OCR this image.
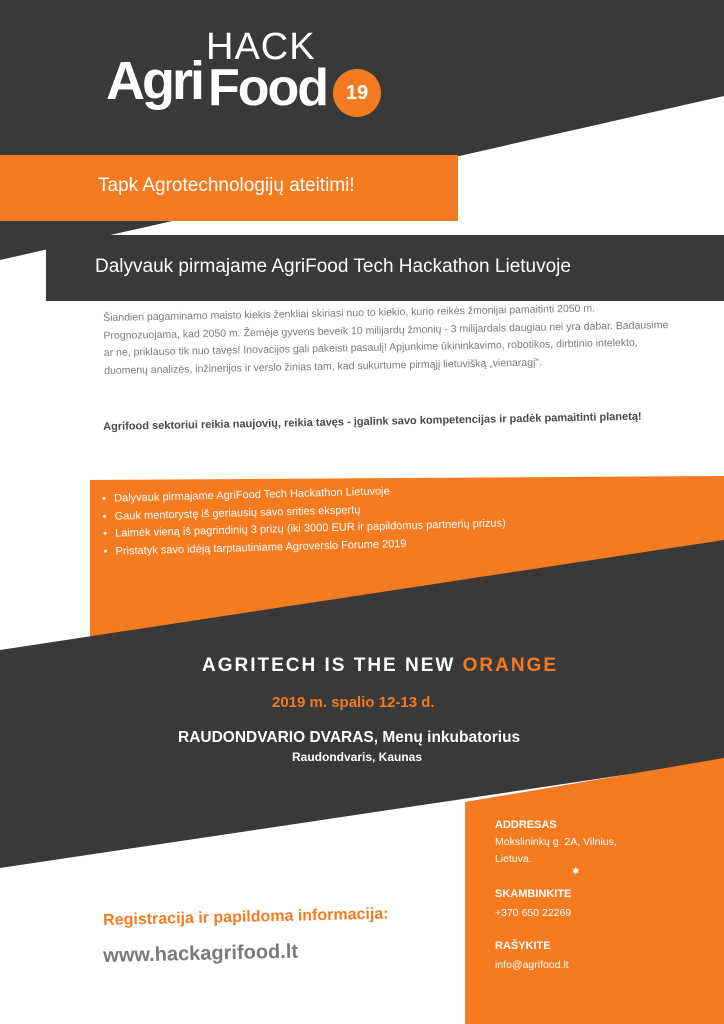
HACK
Agri Food 19
Tapk Agrotechnologijų ateitimi!
Dalyvauk pirmajame AgriFood Tech Hackathon Lietuvoje

Šiandien pagaminamo maisto kiekis ženkliai skiriasi nuo to kiekio, kurio reikės žmonijai pamaitinti 2050 m. Prognozuojama, kad 2050 m. Žemėje gyvens beveik 10 milijardų žmonių - 3 milijardais daugiau nei yra dabar. Badausime ar ne, priklauso tik nuo tavęs! Inovacijos gali pakeisti pasaulį! Apjunkime ūkininkavimo, robotikos, dirbtinio intelekto, duomenų analizės, inžinerijos ir verslo žinias tam, kad sukurtume pirmąjį lietuvišką „vienaragį".

Agrifood sektoriui reikia naujovių, reikia tavęs - įgalink savo kompetencijas ir padėk pamaitinti planetą!

• Dalyvauk pirmajame AgriFood Tech Hackathon Lietuvoje
• Gauk mentorystę iš geriausių savo srities ekspertų
• Laimėk vieną iš pagrindinių 3 prizų (iki 3000 EUR ir papildomus partnerių prizus)
• Pristatyk savo idėją tarptautiniame Agroverslo Forume 2019
AGRITECH IS THE NEW ORANGE
2019 m. spalio 12-13 d.
RAUDONDVARIO DVARAS, Menų inkubatorius
Raudondvaris, Kaunas
Registracija ir papildoma informacija:
www.hackagrifood.lt
ADDRESAS
Mokslininkų g. 2A, Vilnius, Lietuva.
✱
SKAMBINKITE
+370 650 22269
RAŠYKITE
info@agrifood.lt
